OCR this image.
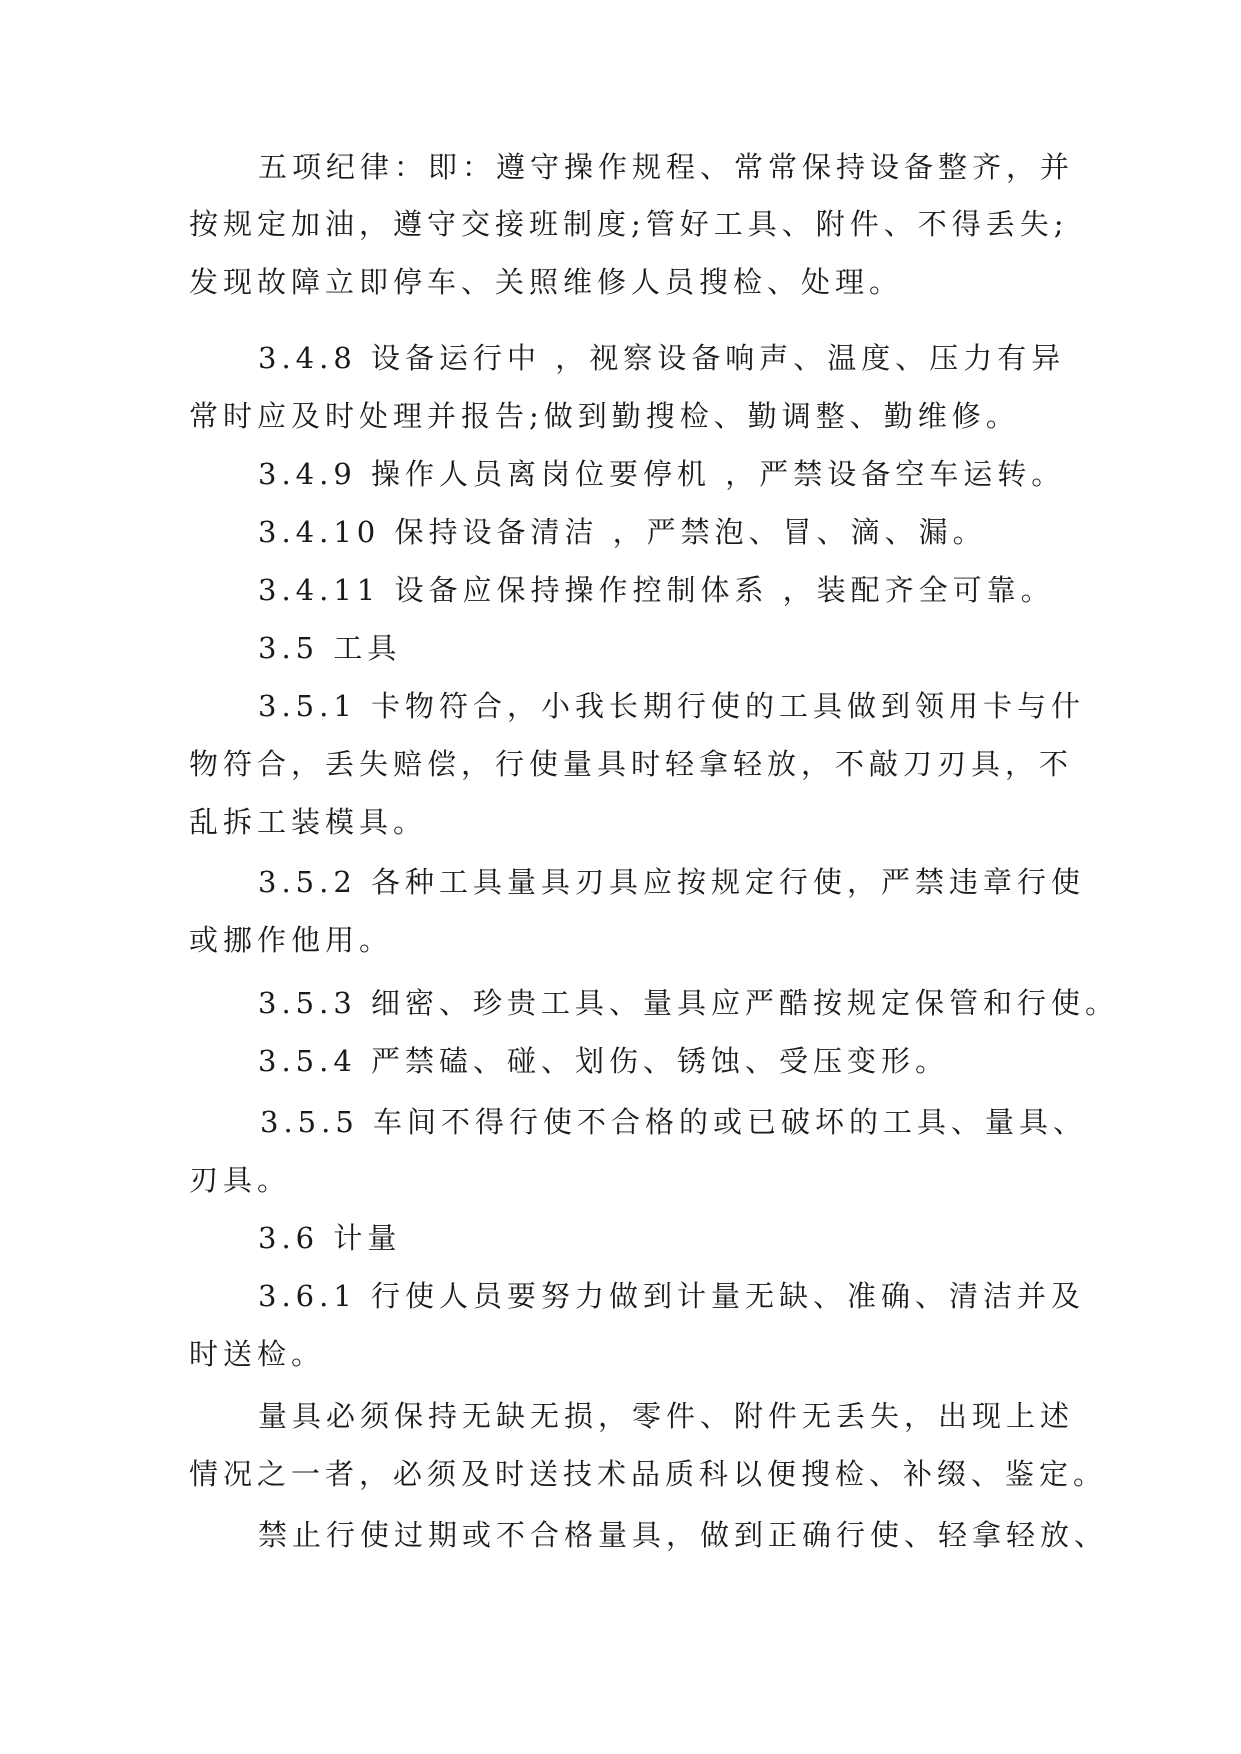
五项纪律：即：遵守操作规程、常常保持设备整齐，并
按规定加油，遵守交接班制度;管好工具、附件、不得丢失;
发现故障立即停车、关照维修人员搜检、处理。
3.4.8 设备运行中 ，视察设备响声、温度、压力有异
常时应及时处理并报告;做到勤搜检、勤调整、勤维修。
3.4.9 操作人员离岗位要停机 ，严禁设备空车运转。
3.4.10 保持设备清洁 ，严禁泡、冒、滴、漏。
3.4.11 设备应保持操作控制体系 ，装配齐全可靠。
3.5 工具
3.5.1 卡物符合，小我长期行使的工具做到领用卡与什
物符合，丢失赔偿，行使量具时轻拿轻放，不敲刀刃具，不
乱拆工装模具。
3.5.2 各种工具量具刃具应按规定行使，严禁违章行使
或挪作他用。
3.5.3 细密、珍贵工具、量具应严酷按规定保管和行使。
3.5.4 严禁磕、碰、划伤、锈蚀、受压变形。
3.5.5 车间不得行使不合格的或已破坏的工具、量具、
刃具。
3.6 计量
3.6.1 行使人员要努力做到计量无缺、准确、清洁并及
时送检。
量具必须保持无缺无损，零件、附件无丢失，出现上述
情况之一者，必须及时送技术品质科以便搜检、补缀、鉴定。
禁止行使过期或不合格量具，做到正确行使、轻拿轻放、
